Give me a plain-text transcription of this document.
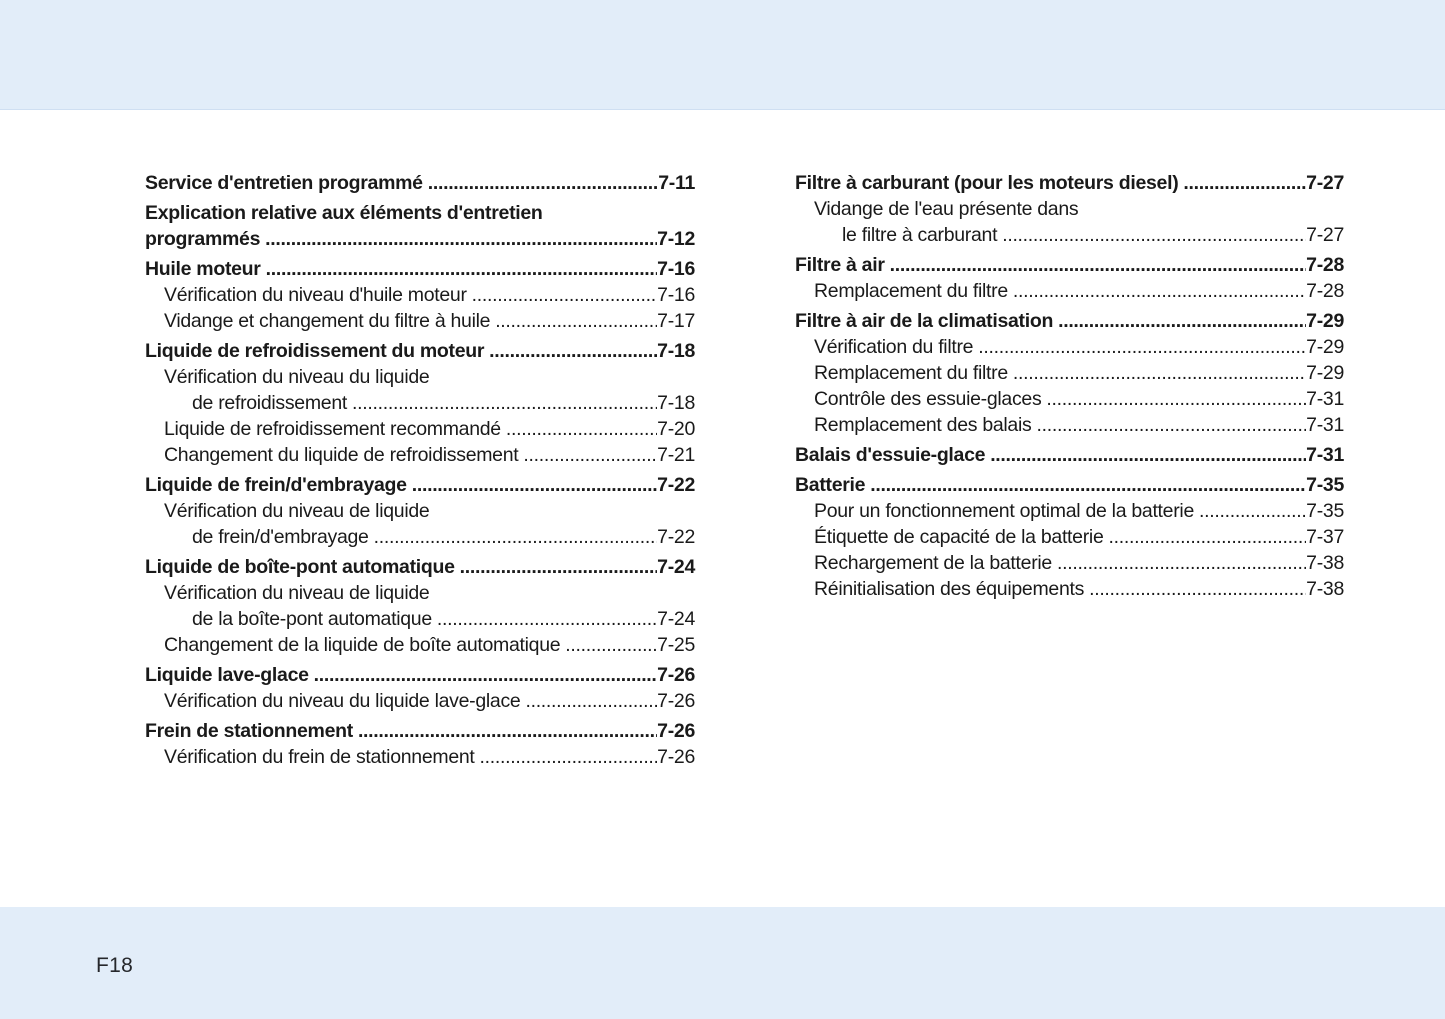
Service d'entretien programmé .....	7-11
Explication relative aux éléments d'entretien
programmés .....	7-12
Huile moteur .....	7-16
Vérification du niveau d'huile moteur .....	7-16
Vidange et changement du filtre à huile .....	7-17
Liquide de refroidissement du moteur .....	7-18
Vérification du niveau du liquide
de refroidissement .....	7-18
Liquide de refroidissement recommandé .....	7-20
Changement du liquide de refroidissement .....	7-21
Liquide de frein/d'embrayage .....	7-22
Vérification du niveau de liquide
de frein/d'embrayage .....	7-22
Liquide de boîte-pont automatique .....	7-24
Vérification du niveau de liquide
de la boîte-pont automatique .....	7-24
Changement de la liquide de boîte automatique .....	7-25
Liquide lave-glace .....	7-26
Vérification du niveau du liquide lave-glace .....	7-26
Frein de stationnement .....	7-26
Vérification du frein de stationnement .....	7-26
Filtre à carburant (pour les moteurs diesel) .....	7-27
Vidange de l'eau présente dans
le filtre à carburant .....	7-27
Filtre à air .....	7-28
Remplacement du filtre .....	7-28
Filtre à air de la climatisation .....	7-29
Vérification du filtre .....	7-29
Remplacement du filtre .....	7-29
Contrôle des essuie-glaces .....	7-31
Remplacement des balais .....	7-31
Balais d'essuie-glace .....	7-31
Batterie .....	7-35
Pour un fonctionnement optimal de la batterie .....	7-35
Étiquette de capacité de la batterie .....	7-37
Rechargement de la batterie .....	7-38
Réinitialisation des équipements .....	7-38
F18
